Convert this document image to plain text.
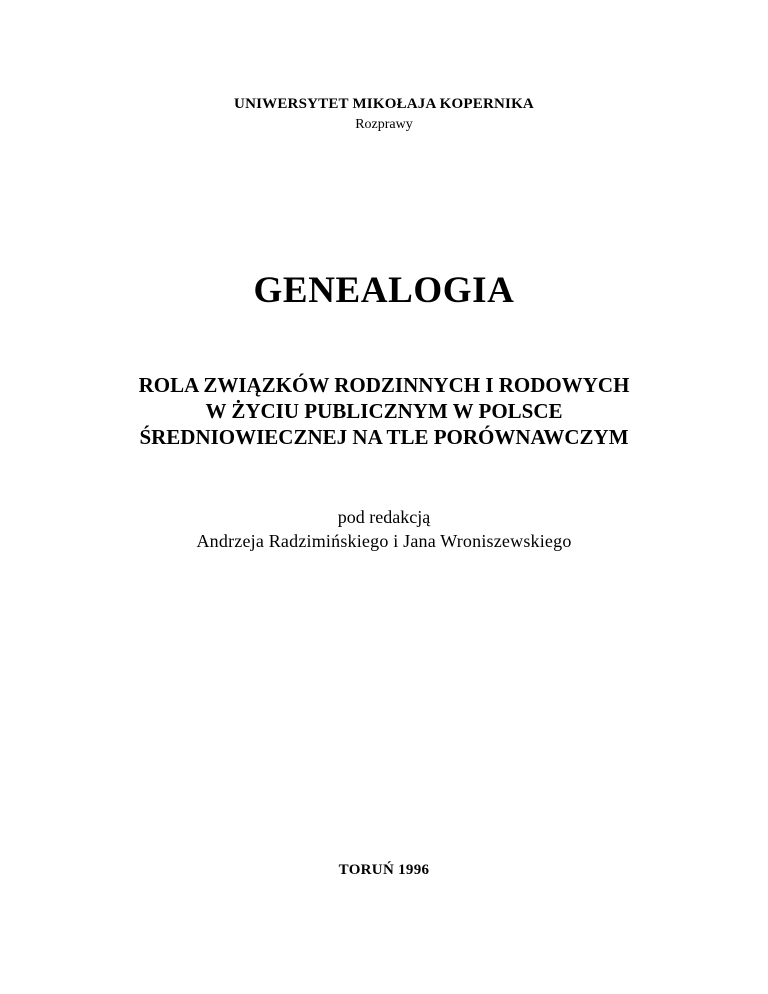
UNIWERSYTET MIKOŁAJA KOPERNIKA
Rozprawy
GENEALOGIA
ROLA ZWIĄZKÓW RODZINNYCH I RODOWYCH
W ŻYCIU PUBLICZNYM W POLSCE
ŚREDNIOWIECZNEJ NA TLE PORÓWNAWCZYM
pod redakcją
Andrzeja Radzimińskiego i Jana Wroniszewskiego
TORUŃ 1996
